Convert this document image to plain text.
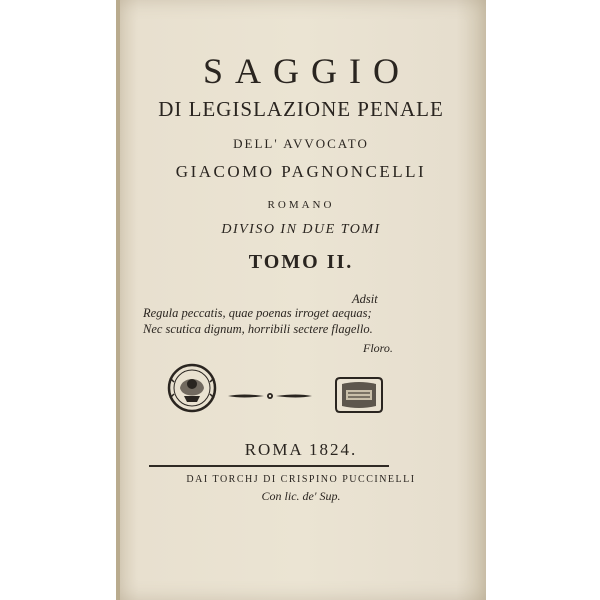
SAGGIO
DI LEGISLAZIONE PENALE
DELL' AVVOCATO
GIACOMO PAGNONCELLI
ROMANO
DIVISO IN DUE TOMI
TOMO II.
Adsit
Regula peccatis, quae poenas irroget aequas;
Nec scutica dignum, horribili sectere flagello.
Floro.
ROMA 1824.
DAI TORCHJ DI CRISPINO PUCCINELLI
Con lic. de' Sup.
